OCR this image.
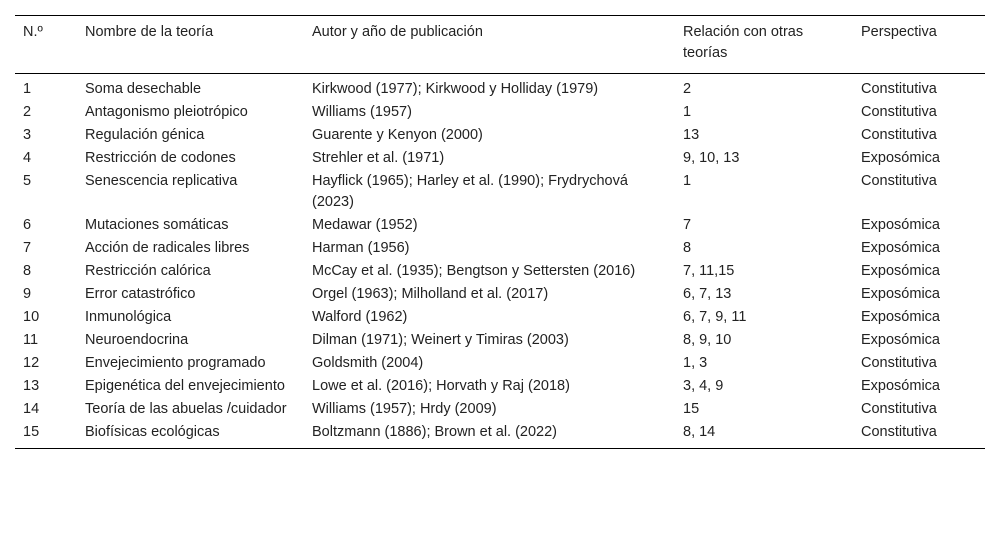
N.º	Nombre de la teoría	Autor y año de publicación	Relación con otras teorías	Perspectiva
1	Soma desechable	Kirkwood (1977); Kirkwood y Holliday (1979)	2	Constitutiva
2	Antagonismo pleiotrópico	Williams (1957)	1	Constitutiva
3	Regulación génica	Guarente y Kenyon (2000)	13	Constitutiva
4	Restricción de codones	Strehler et al. (1971)	9, 10, 13	Exposómica
5	Senescencia replicativa	Hayflick (1965); Harley et al. (1990); Frydrychová (2023)	1	Constitutiva
6	Mutaciones somáticas	Medawar (1952)	7	Exposómica
7	Acción de radicales libres	Harman (1956)	8	Exposómica
8	Restricción calórica	McCay et al. (1935); Bengtson y Settersten (2016)	7, 11,15	Exposómica
9	Error catastrófico	Orgel (1963); Milholland et al. (2017)	6, 7, 13	Exposómica
10	Inmunológica	Walford (1962)	6, 7, 9, 11	Exposómica
11	Neuroendocrina	Dilman (1971); Weinert y Timiras (2003)	8, 9, 10	Exposómica
12	Envejecimiento programado	Goldsmith (2004)	1, 3	Constitutiva
13	Epigenética del envejecimiento	Lowe et al. (2016); Horvath y Raj (2018)	3, 4, 9	Exposómica
14	Teoría de las abuelas /cuidador	Williams (1957); Hrdy (2009)	15	Constitutiva
15	Biofísicas ecológicas	Boltzmann (1886); Brown et al. (2022)	8, 14	Constitutiva
